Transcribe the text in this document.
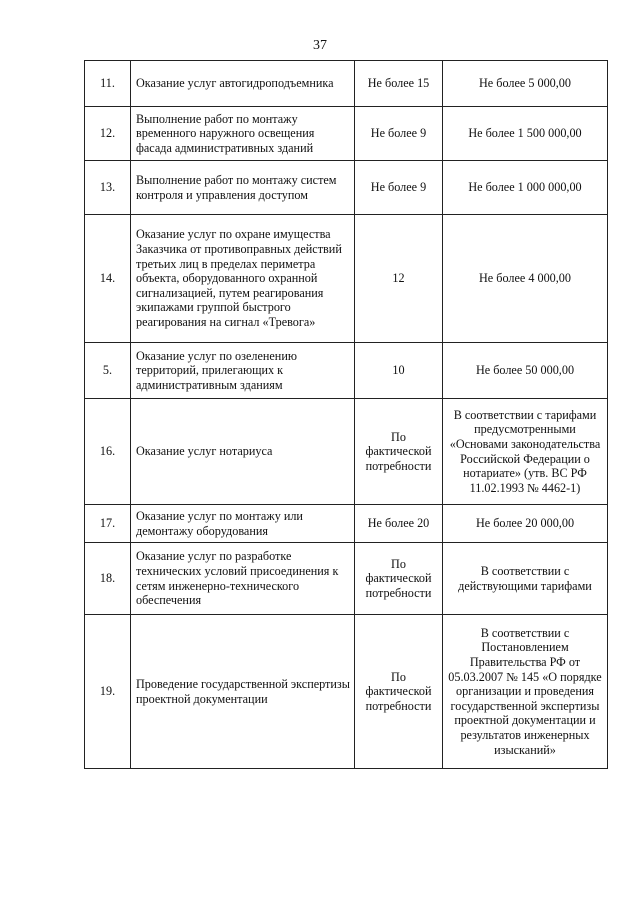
37
11.	Оказание услуг автогидроподъемника	Не более 15	Не более 5 000,00
12.	Выполнение работ по монтажу временного наружного освещения фасада административных зданий	Не более 9	Не более 1 500 000,00
13.	Выполнение работ по монтажу систем контроля и управления доступом	Не более 9	Не более 1 000 000,00
14.	Оказание услуг по охране имущества Заказчика от противоправных действий третьих лиц в пределах периметра объекта, оборудованного охранной сигнализацией, путем реагирования экипажами группой быстрого реагирования на сигнал «Тревога»	12	Не более 4 000,00
5.	Оказание услуг по озеленению территорий, прилегающих к административным зданиям	10	Не более 50 000,00
16.	Оказание услуг нотариуса	По фактической потребности	В соответствии с тарифами предусмотренными «Основами законодательства Российской Федерации о нотариате» (утв. ВС РФ 11.02.1993 № 4462-1)
17.	Оказание услуг по монтажу или демонтажу оборудования	Не более 20	Не более 20 000,00
18.	Оказание услуг по разработке технических условий присоединения к сетям инженерно-технического обеспечения	По фактической потребности	В соответствии с действующими тарифами
19.	Проведение государственной экспертизы проектной документации	По фактической потребности	В соответствии с Постановлением Правительства РФ от 05.03.2007 № 145 «О порядке организации и проведения государственной экспертизы проектной документации и результатов инженерных изысканий»
